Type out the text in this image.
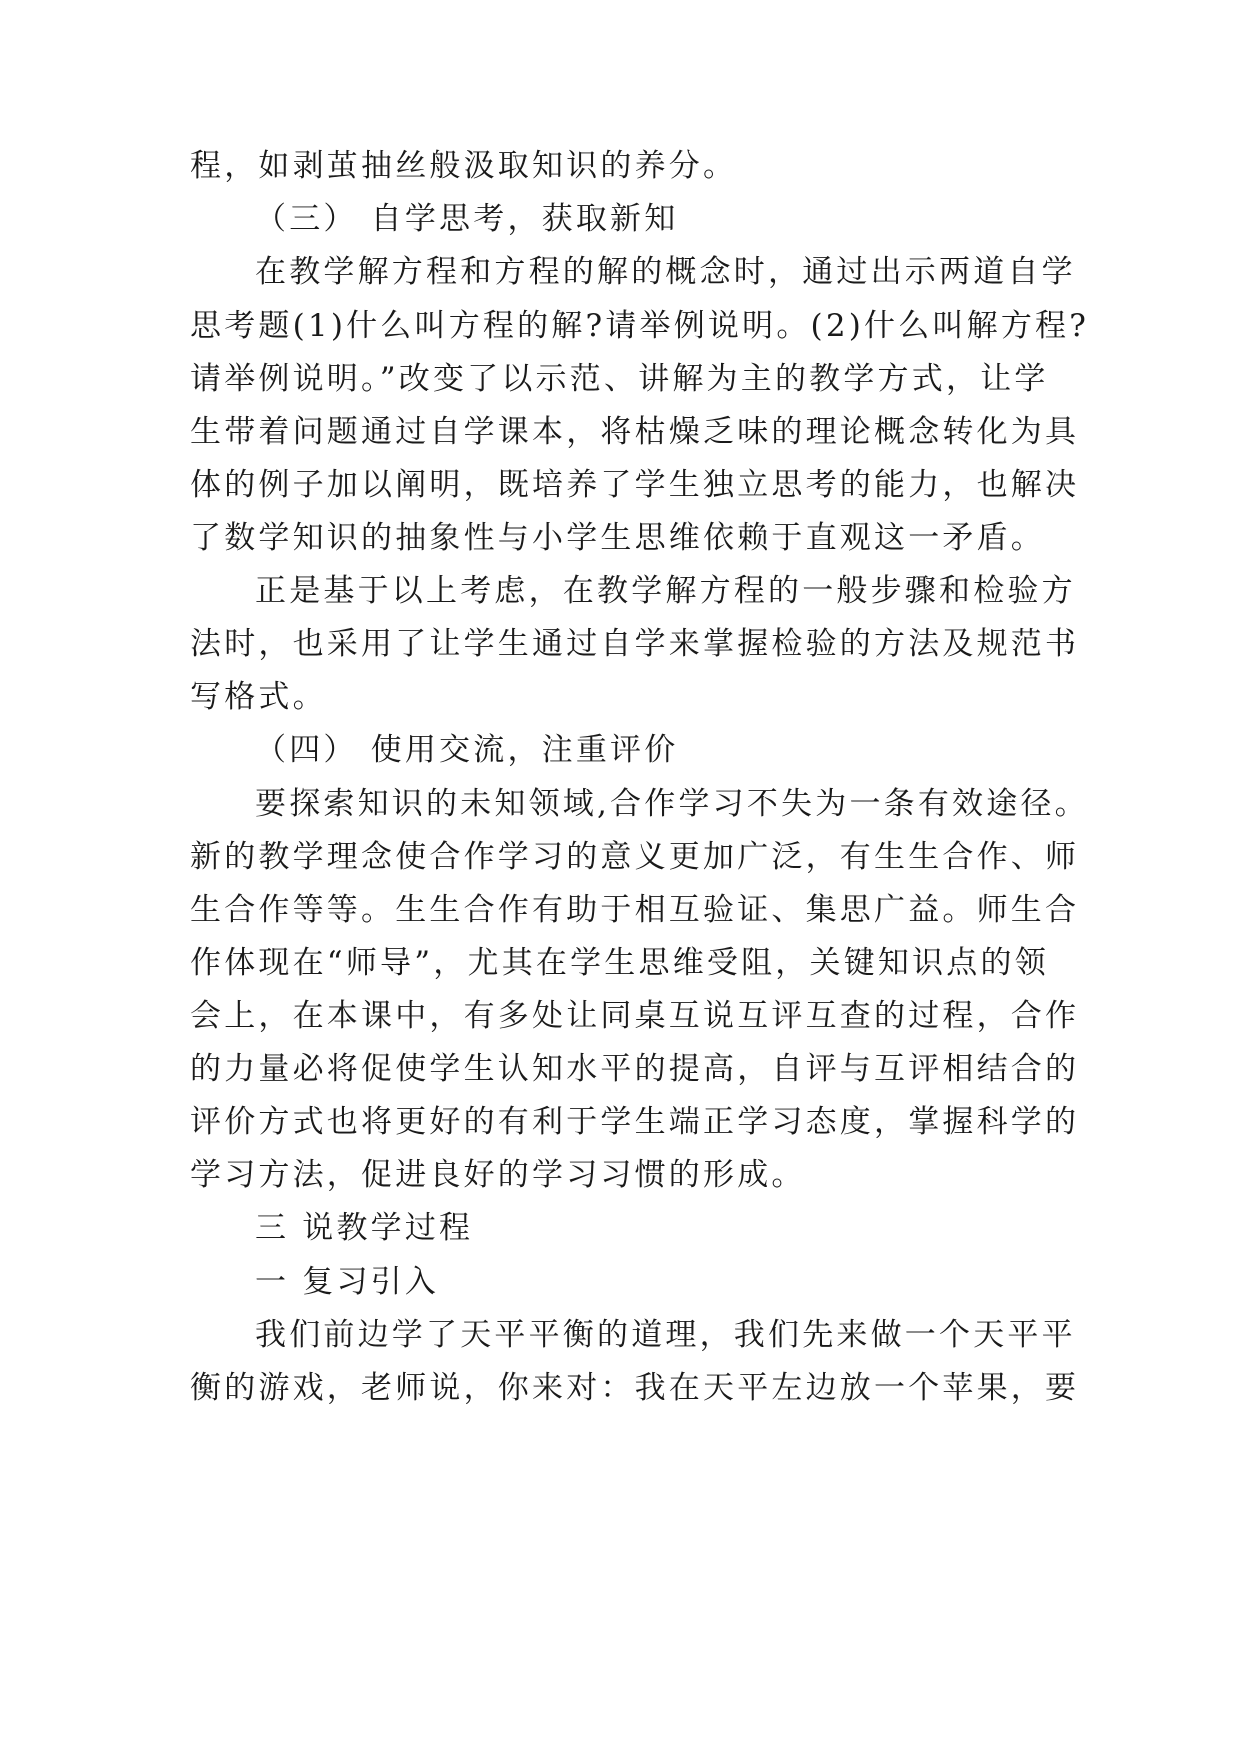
程，如剥茧抽丝般汲取知识的养分。
（三） 自学思考，获取新知
在教学解方程和方程的解的概念时，通过出示两道自学
思考题(1)什么叫方程的解?请举例说明。(2)什么叫解方程?
请举例说明。”改变了以示范、讲解为主的教学方式，让学
生带着问题通过自学课本，将枯燥乏味的理论概念转化为具
体的例子加以阐明，既培养了学生独立思考的能力，也解决
了数学知识的抽象性与小学生思维依赖于直观这一矛盾。
正是基于以上考虑，在教学解方程的一般步骤和检验方
法时，也采用了让学生通过自学来掌握检验的方法及规范书
写格式。
（四） 使用交流，注重评价
要探索知识的未知领域,合作学习不失为一条有效途径。
新的教学理念使合作学习的意义更加广泛，有生生合作、师
生合作等等。生生合作有助于相互验证、集思广益。师生合
作体现在“师导”，尤其在学生思维受阻，关键知识点的领
会上，在本课中，有多处让同桌互说互评互查的过程，合作
的力量必将促使学生认知水平的提高，自评与互评相结合的
评价方式也将更好的有利于学生端正学习态度，掌握科学的
学习方法，促进良好的学习习惯的形成。
三 说教学过程
一 复习引入
我们前边学了天平平衡的道理，我们先来做一个天平平
衡的游戏，老师说，你来对：我在天平左边放一个苹果，要
